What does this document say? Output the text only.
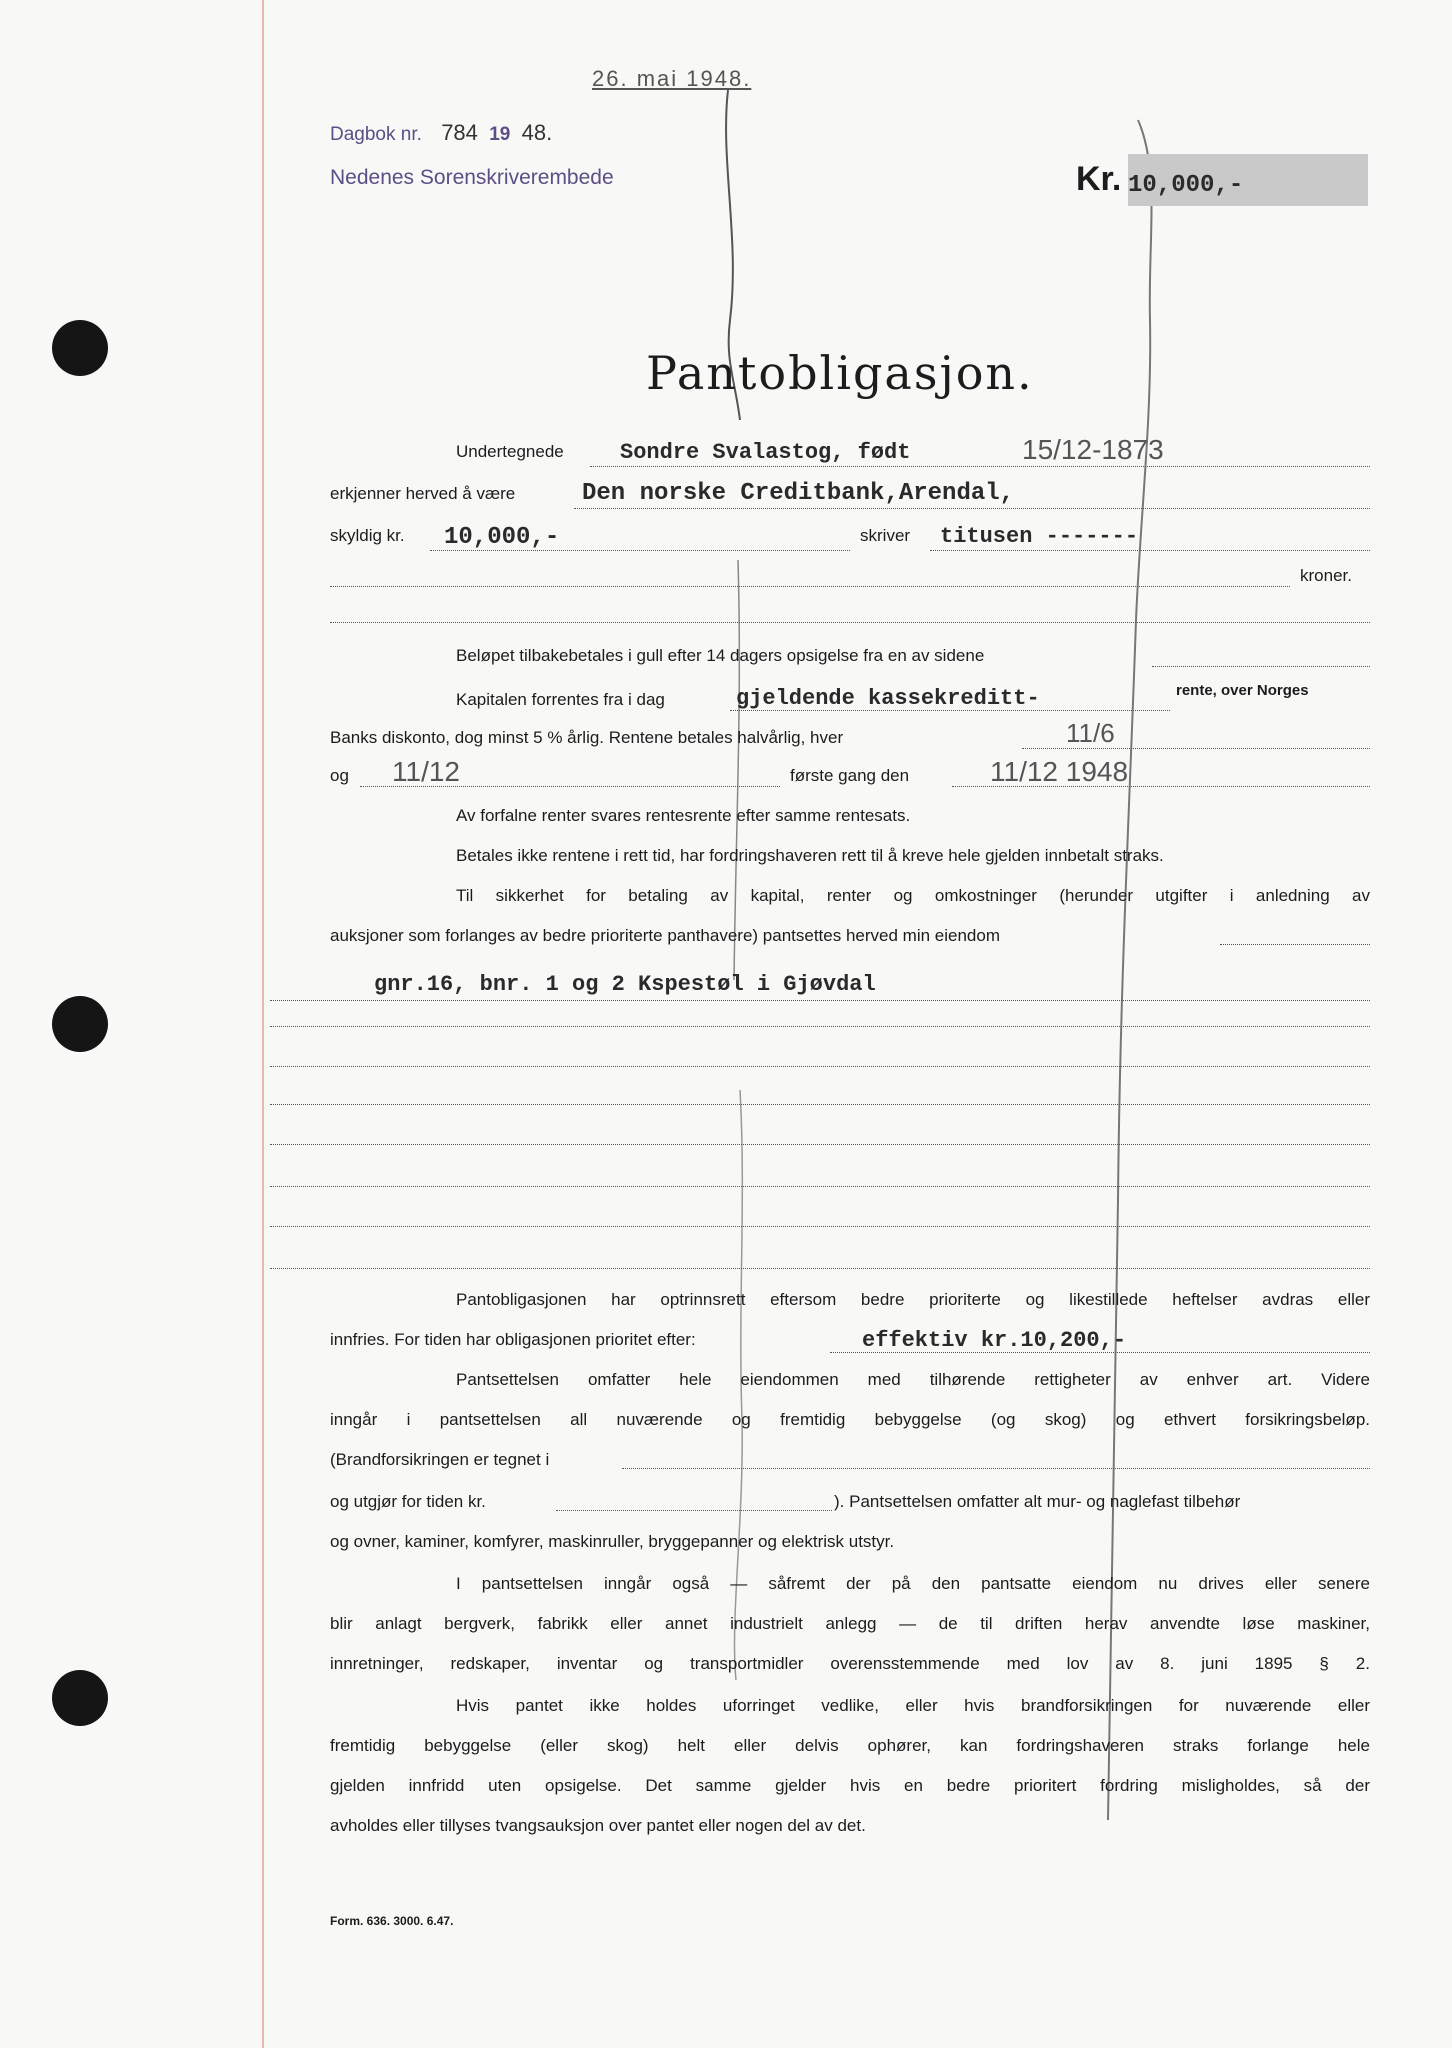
26. mai 1948.
Dagbok nr. 784 19 48.
Nedenes Sorenskriverembede	Kr. 10,000,-
Pantobligasjon.
Undertegnede	Sondre Svalastog, født	15/12-1873
erkjenner herved å være	Den norske Creditbank,Arendal,
skyldig kr. 10,000,-	skriver titusen -------
kroner.
Beløpet tilbakebetales i gull efter 14 dagers opsigelse fra en av sidene
Kapitalen forrentes fra i dag	gjeldende kassekreditt-	rente, over Norges
Banks diskonto, dog minst 5 % årlig. Rentene betales halvårlig, hver	11/6
og 11/12	første gang den	11/12 1948
Av forfalne renter svares rentesrente efter samme rentesats.
Betales ikke rentene i rett tid, har fordringshaveren rett til å kreve hele gjelden innbetalt straks.
Til sikkerhet for betaling av kapital, renter og omkostninger (herunder utgifter i anledning av
auksjoner som forlanges av bedre prioriterte panthavere) pantsettes herved min eiendom
gnr.16, bnr. 1 og 2 Kspestøl i Gjøvdal
Pantobligasjonen har optrinnsrett eftersom bedre prioriterte og likestillede heftelser avdras eller
innfries. For tiden har obligasjonen prioritet efter:	effektiv kr.10,200,-
Pantsettelsen omfatter hele eiendommen med tilhørende rettigheter av enhver art. Videre
inngår i pantsettelsen all nuværende og fremtidig bebyggelse (og skog) og ethvert forsikringsbeløp.
(Brandforsikringen er tegnet i
og utgjør for tiden kr.	). Pantsettelsen omfatter alt mur- og naglefast tilbehør
og ovner, kaminer, komfyrer, maskinruller, bryggepanner og elektrisk utstyr.
I pantsettelsen inngår også — såfremt der på den pantsatte eiendom nu drives eller senere
blir anlagt bergverk, fabrikk eller annet industrielt anlegg — de til driften herav anvendte løse maskiner,
innretninger, redskaper, inventar og transportmidler overensstemmende med lov av 8. juni 1895 § 2.
Hvis pantet ikke holdes uforringet vedlike, eller hvis brandforsikringen for nuværende eller
fremtidig bebyggelse (eller skog) helt eller delvis ophører, kan fordringshaveren straks forlange hele
gjelden innfridd uten opsigelse. Det samme gjelder hvis en bedre prioritert fordring misligholdes, så der
avholdes eller tillyses tvangsauksjon over pantet eller nogen del av det.
Form. 636. 3000. 6.47.
